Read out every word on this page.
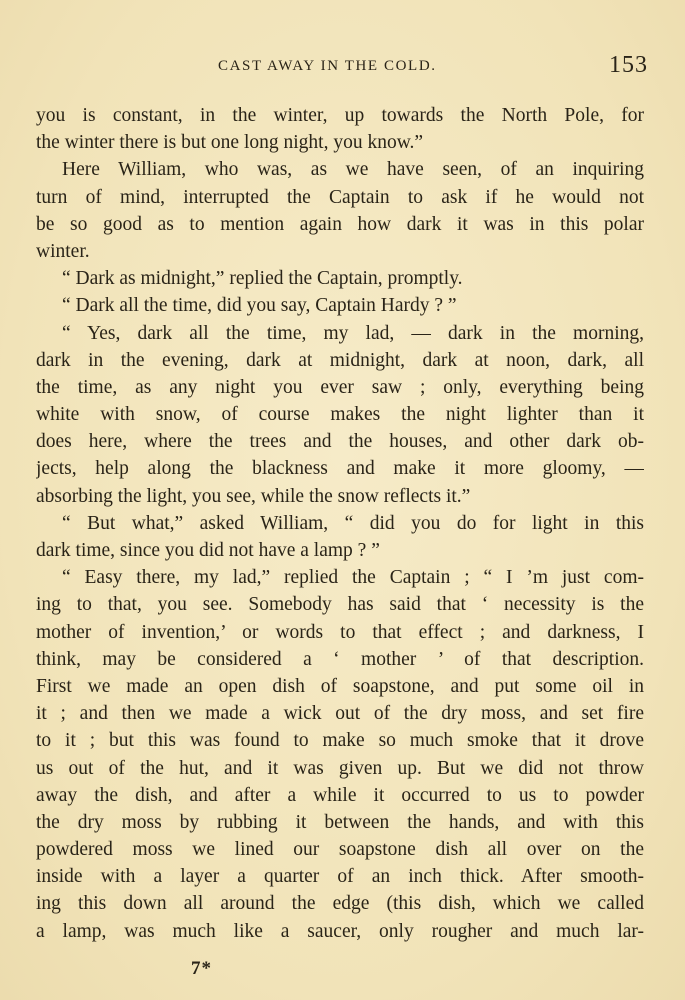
CAST AWAY IN THE COLD.	153
you is constant, in the winter, up towards the North Pole, for
the winter there is but one long night, you know.”
Here William, who was, as we have seen, of an inquiring
turn of mind, interrupted the Captain to ask if he would not
be so good as to mention again how dark it was in this polar
winter.
“ Dark as midnight,” replied the Captain, promptly.
“ Dark all the time, did you say, Captain Hardy ? ”
“ Yes, dark all the time, my lad, — dark in the morning,
dark in the evening, dark at midnight, dark at noon, dark, all
the time, as any night you ever saw ; only, everything being
white with snow, of course makes the night lighter than it
does here, where the trees and the houses, and other dark ob-
jects, help along the blackness and make it more gloomy, —
absorbing the light, you see, while the snow reflects it.”
“ But what,” asked William, “ did you do for light in this
dark time, since you did not have a lamp ? ”
“ Easy there, my lad,” replied the Captain ; “ I ’m just com-
ing to that, you see. Somebody has said that ‘ necessity is the
mother of invention,’ or words to that effect ; and darkness, I
think, may be considered a ‘ mother ’ of that description.
First we made an open dish of soapstone, and put some oil in
it ; and then we made a wick out of the dry moss, and set fire
to it ; but this was found to make so much smoke that it drove
us out of the hut, and it was given up. But we did not throw
away the dish, and after a while it occurred to us to powder
the dry moss by rubbing it between the hands, and with this
powdered moss we lined our soapstone dish all over on the
inside with a layer a quarter of an inch thick. After smooth-
ing this down all around the edge (this dish, which we called
a lamp, was much like a saucer, only rougher and much lar-
7*
